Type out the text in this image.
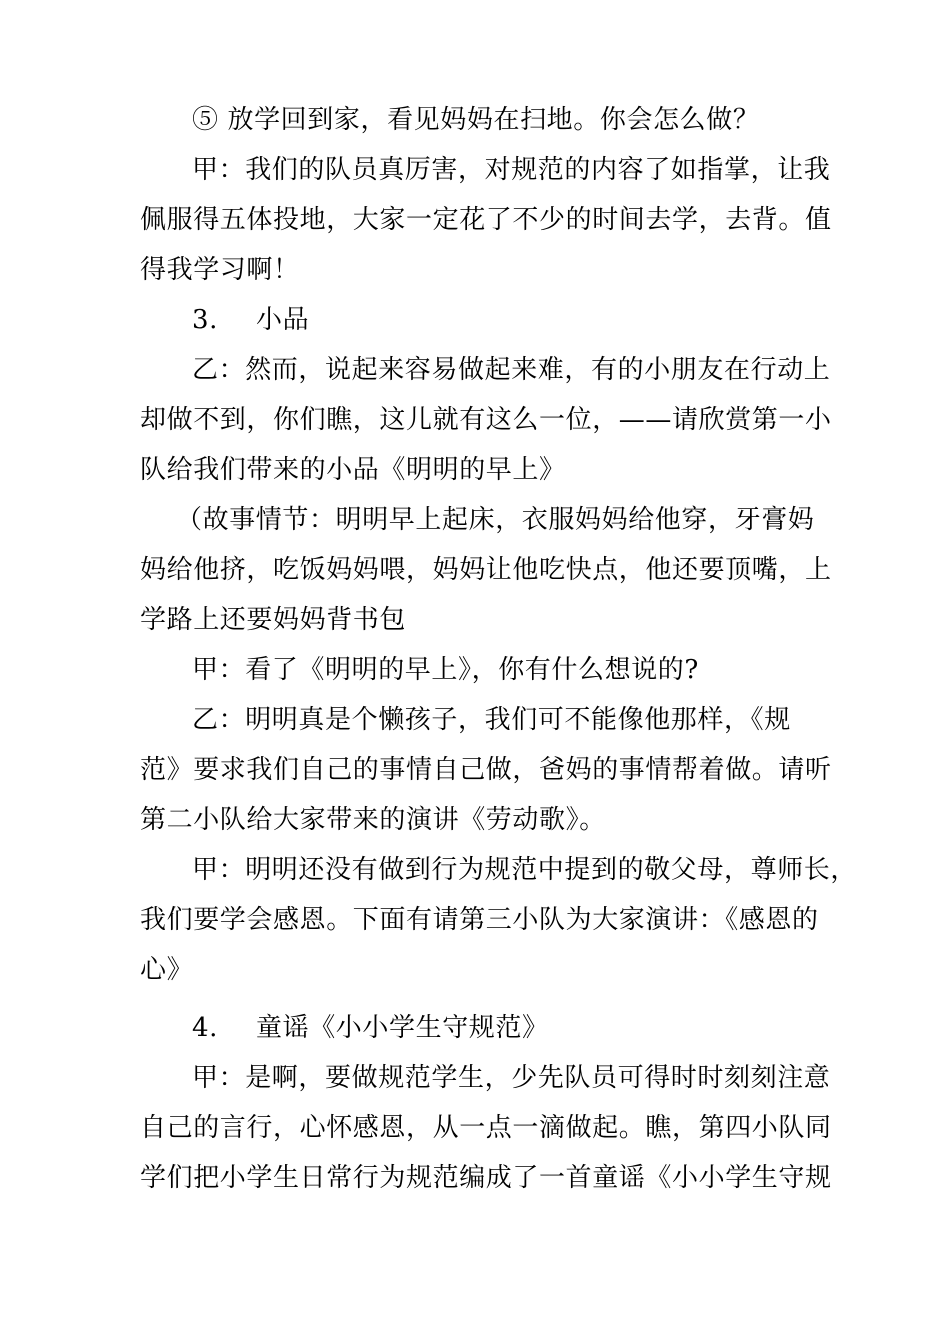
⑤ 放学回到家，看见妈妈在扫地。你会怎么做？
甲：我们的队员真厉害，对规范的内容了如指掌，让我
佩服得五体投地，大家一定花了不少的时间去学，去背。值
得我学习啊！
3.	小品
乙：然而，说起来容易做起来难，有的小朋友在行动上
却做不到，你们瞧，这儿就有这么一位，——请欣赏第一小
队给我们带来的小品《明明的早上》
（故事情节：明明早上起床，衣服妈妈给他穿，牙膏妈
妈给他挤，吃饭妈妈喂，妈妈让他吃快点，他还要顶嘴，上
学路上还要妈妈背书包
甲：看了《明明的早上》，你有什么想说的?
乙：明明真是个懒孩子，我们可不能像他那样，《规
范》要求我们自己的事情自己做，爸妈的事情帮着做。请听
第二小队给大家带来的演讲《劳动歌》。
甲：明明还没有做到行为规范中提到的敬父母，尊师长，
我们要学会感恩。下面有请第三小队为大家演讲：《感恩的
心》
4.	童谣《小小学生守规范》
甲：是啊，要做规范学生，少先队员可得时时刻刻注意
自己的言行，心怀感恩，从一点一滴做起。瞧，第四小队同
学们把小学生日常行为规范编成了一首童谣《小小学生守规
